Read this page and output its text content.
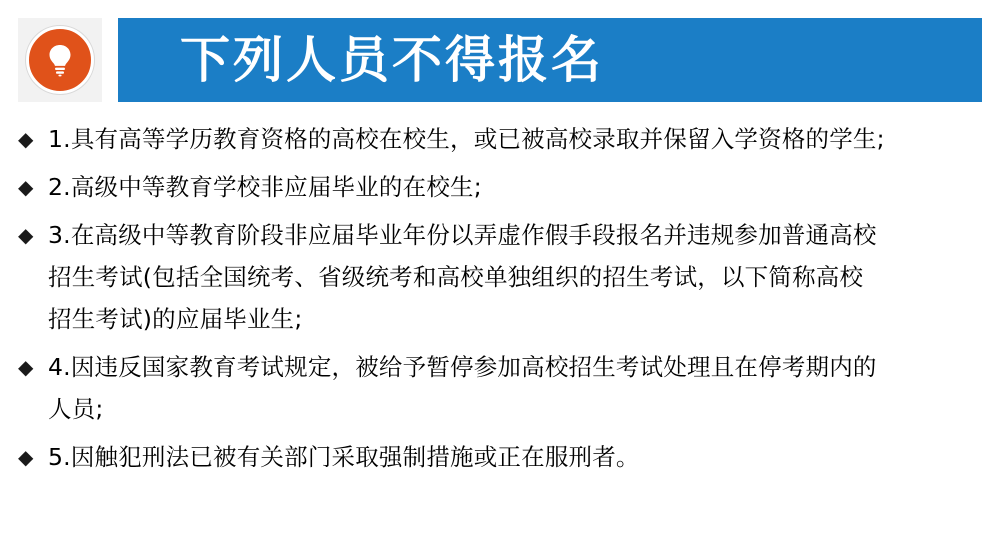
下列人员不得报名
◆ 1.具有高等学历教育资格的高校在校生，或已被高校录取并保留入学资格的学生;
◆ 2.高级中等教育学校非应届毕业的在校生;
◆ 3.在高级中等教育阶段非应届毕业年份以弄虚作假手段报名并违规参加普通高校
招生考试(包括全国统考、省级统考和高校单独组织的招生考试，以下简称高校
招生考试)的应届毕业生;
◆ 4.因违反国家教育考试规定，被给予暂停参加高校招生考试处理且在停考期内的
人员;
◆ 5.因触犯刑法已被有关部门采取强制措施或正在服刑者。
